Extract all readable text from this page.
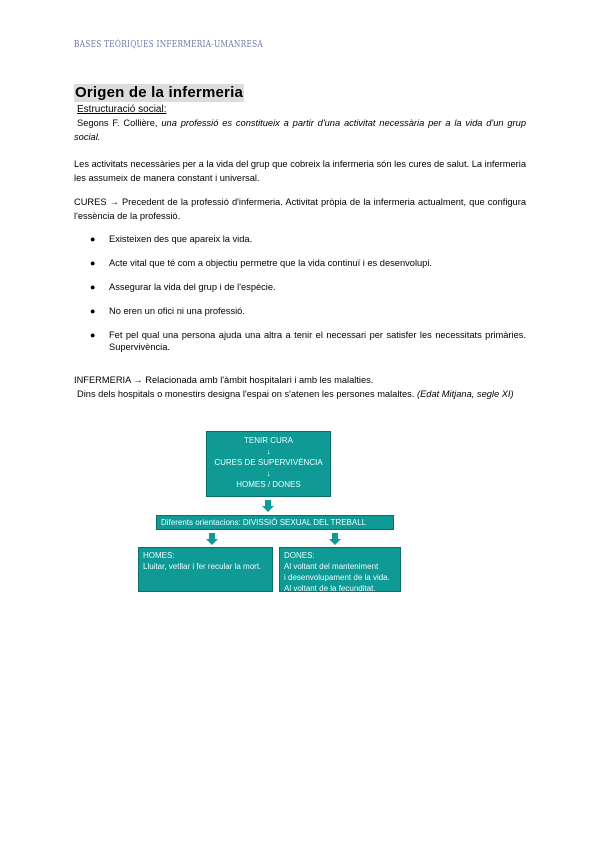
BASES TEÒRIQUES INFERMERIA-UMANRESA
Origen de la infermeria
Estructuració social:

Segons F. Collière, una professió es constitueix a partir d'una activitat necessària per a la vida d'un grup social.

Les activitats necessàries per a la vida del grup que cobreix la infermeria són les cures de salut. La infermeria les assumeix de manera constant i universal.

CURES → Precedent de la professió d'infermeria. Activitat pròpia de la infermeria actualment, que configura l'essència de la professió.

● Existeixen des que apareix la vida.
● Acte vital que té com a objectiu permetre que la vida continuï i es desenvolupi.
● Assegurar la vida del grup i de l'espècie.
● No eren un ofici ni una professió.
● Fet pel qual una persona ajuda una altra a tenir el necessari per satisfer les necessitats primàries. Supervivència.

INFERMERIA → Relacionada amb l'àmbit hospitalari i amb les malalties.
Dins dels hospitals o monestirs designa l'espai on s'atenen les persones malaltes. (Edat Mitjana, segle XI)

TENIR CURA
↓
CURES DE SUPERVIVÈNCIA
↓
HOMES / DONES
Diferents orientacions: DIVISSIÓ SEXUAL DEL TREBALL
HOMES:
Lluitar, vetllar i fer recular la mort.
DONES:
Al voltant del manteniment
i desenvolupament de la vida.
Al voltant de la fecunditat.
